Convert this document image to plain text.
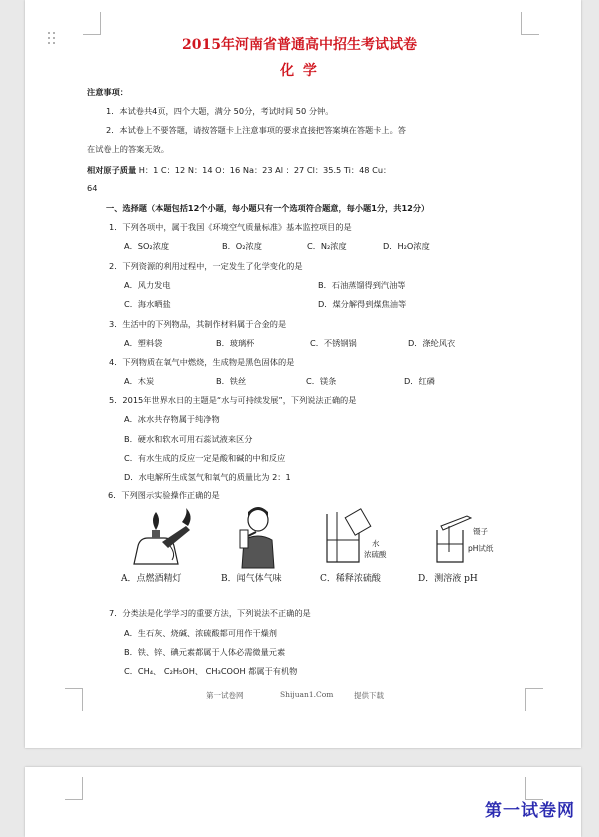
2015年河南省普通高中招生考试试卷
化 学
注意事项：
1．本试卷共4页，四个大题，满分 50分，考试时间 50 分钟。
2．本试卷上不要答题，请按答题卡上注意事项的要求直接把答案填在答题卡上。答
在试卷上的答案无效。
相对原子质量 H：1 C：12 N：14 O：16 Na：23 Al ：27 Cl：35.5 Ti：48 Cu：
64
一、选择题（本题包括12个小题，每小题只有一个选项符合题意，每小题1分，共12分）
1．下列各项中，属于我国《环境空气质量标准》基本监控项目的是
A．SO₂浓度	B．O₂浓度	C．N₂浓度	D．H₂O浓度
2．下列资源的利用过程中，一定发生了化学变化的是
A．风力发电	B．石油蒸馏得到汽油等
C．海水晒盐	D．煤分解得到煤焦油等
3．生活中的下列物品，其制作材料属于合金的是
A．塑料袋	B．玻璃杯	C．不锈钢锅	D．涤纶风衣
4．下列物质在氧气中燃烧，生成物是黑色固体的是
A．木炭	B．铁丝	C．镁条	D．红磷
5．2015年世界水日的主题是“水与可持续发展”，下列说法正确的是
A．冰水共存物属于纯净物
B．硬水和软水可用石蕊试液来区分
C．有水生成的反应一定是酸和碱的中和反应
D．水电解所生成氢气和氧气的质量比为 2：1
6．下列图示实验操作正确的是
水
浓硫酸
镊子
pH试纸
A．点燃酒精灯	B．闻气体气味	C．稀释浓硫酸	D．测溶液 pH
7．分类法是化学学习的重要方法，下列说法不正确的是
A．生石灰、烧碱、浓硫酸都可用作干燥剂
B．铁、锌、碘元素都属于人体必需微量元素
C．CH₄、 C₂H₅OH、 CH₃COOH 都属于有机物
第一试卷网	Shijuan1.Com	提供下载
第一试卷网
